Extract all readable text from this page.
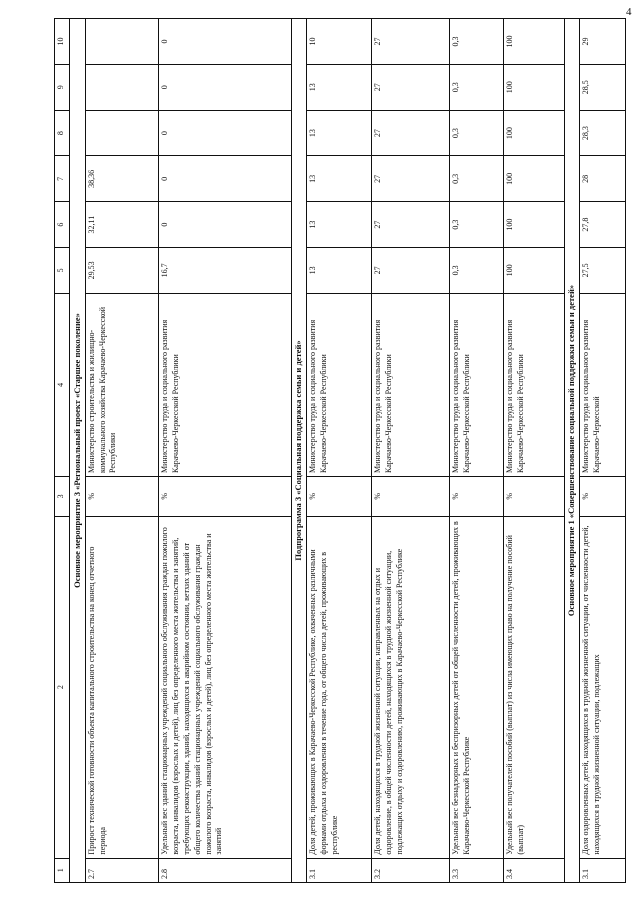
4
1	2	3	4	5	6	7	8	9	10
Основное мероприятие 3 «Региональный проект «Старшее поколение»									
2.7	Прирост технической готовности объекта капитального строительства на конец отчетного периода	%	Министерство строительства и жилищно-коммунального хозяйства Карачаево-Черкесской Республики	29,53	32,11	38,36			
2.8	Удельный вес зданий стационарных учреждений социального обслуживания граждан пожилого возраста, инвалидов (взрослых и детей), лиц без определенного места жительства и занятий, требующих реконструкции, зданий, находящихся в аварийном состоянии, ветхих зданий от общего количества зданий стационарных учреждений социального обслуживания граждан пожилого возраста, инвалидов (взрослых и детей), лиц без определенного места жительства и занятий	%	Министерство труда и социального развития Карачаево-Черкесской Республики	16,7	0	0	0	0	0
Подпрограмма 3 «Социальная поддержка семьи и детей»									
3.1	Доля детей, проживающих в Карачаево-Черкесской Республике, охваченных различными формами отдыха и оздоровления в течение года, от общего числа детей, проживающих в республике	%	Министерство труда и социального развития Карачаево-Черкесской Республики	13	13	13	13	13	10
3.2	Доля детей, находящихся в трудной жизненной ситуации, направленных на отдых и оздоровление, в общей численности детей, находящихся в трудной жизненной ситуации, подлежащих отдыху и оздоровлению, проживающих в Карачаево-Черкесской Республике	%	Министерство труда и социального развития Карачаево-Черкесской Республики	27	27	27	27	27	27
3.3	Удельный вес безнадзорных и беспризорных детей от общей численности детей, проживающих в Карачаево-Черкесской Республике	%	Министерство труда и социального развития Карачаево-Черкесской Республики	0,3	0,3	0,3	0,3	0,3	0,3
3.4	Удельный вес получателей пособий (выплат) из числа имеющих право на получение пособий (выплат)	%	Министерство труда и социального развития Карачаево-Черкесской Республики	100	100	100	100	100	100
Основное мероприятие 1 «Совершенствование социальной поддержки семьи и детей»									
3.1	Доля оздоровленных детей, находящихся в трудной жизненной ситуации, от численности детей, находящихся в трудной жизненной ситуации, подлежащих	%	Министерство труда и социального развития Карачаево-Черкесской	27,5	27,8	28	28,3	28,5	29
